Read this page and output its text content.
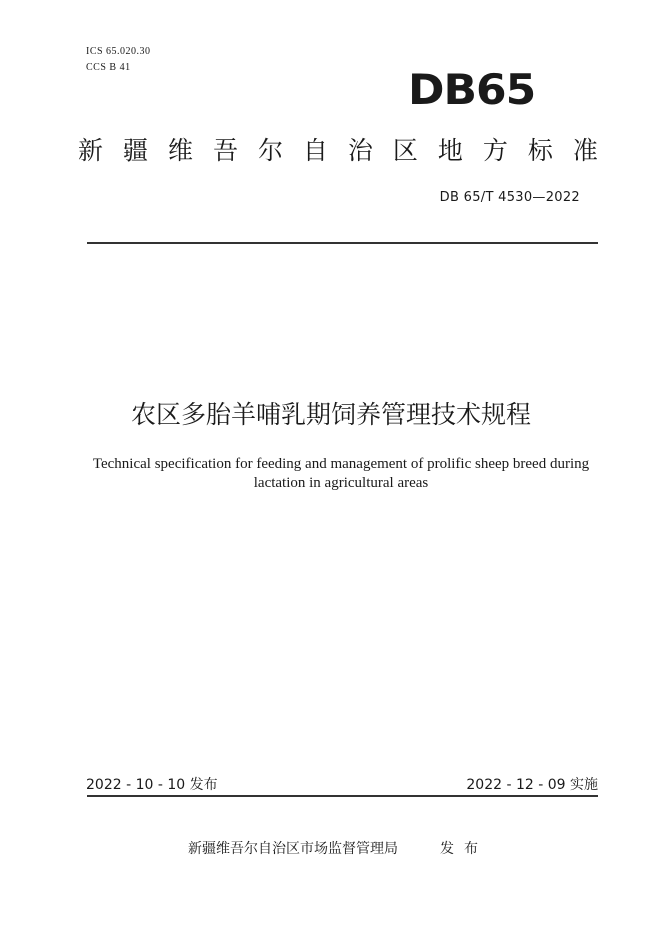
ICS 65.020.30
CCS B 41	DB65
新 疆 维 吾 尔 自 治 区 地 方 标 准
DB 65/T 4530—2022
农区多胎羊哺乳期饲养管理技术规程
Technical specification for feeding and management of prolific sheep breed during lactation in agricultural areas
2022 - 10 - 10 发布	2022 - 12 - 09 实施
新疆维吾尔自治区市场监督管理局	发布
